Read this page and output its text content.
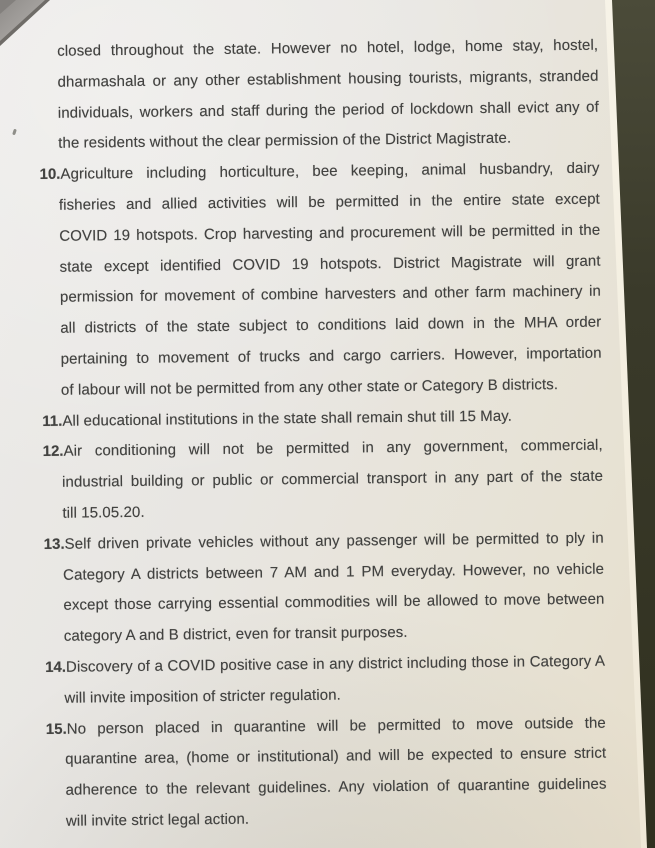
closed throughout the state. However no hotel, lodge, home stay, hostel,
dharmashala or any other establishment housing tourists, migrants, stranded
individuals, workers and staff during the period of lockdown shall evict any of
the residents without the clear permission of the District Magistrate.
10.Agriculture including horticulture, bee keeping, animal husbandry, dairy
fisheries and allied activities will be permitted in the entire state except
COVID 19 hotspots. Crop harvesting and procurement will be permitted in the
state except identified COVID 19 hotspots. District Magistrate will grant
permission for movement of combine harvesters and other farm machinery in
all districts of the state subject to conditions laid down in the MHA order
pertaining to movement of trucks and cargo carriers. However, importation
of labour will not be permitted from any other state or Category B districts.
11.All educational institutions in the state shall remain shut till 15 May.
12.Air conditioning will not be permitted in any government, commercial,
industrial building or public or commercial transport in any part of the state
till 15.05.20.
13.Self driven private vehicles without any passenger will be permitted to ply in
Category A districts between 7 AM and 1 PM everyday. However, no vehicle
except those carrying essential commodities will be allowed to move between
category A and B district, even for transit purposes.
14.Discovery of a COVID positive case in any district including those in Category A
will invite imposition of stricter regulation.
15.No person placed in quarantine will be permitted to move outside the
quarantine area, (home or institutional) and will be expected to ensure strict
adherence to the relevant guidelines. Any violation of quarantine guidelines
will invite strict legal action.
